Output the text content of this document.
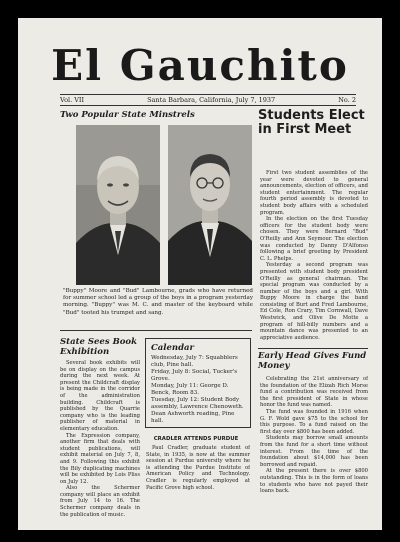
El Gauchito
Vol. VII	Santa Barbara, California, July 7, 1937	No. 2
Two Popular State Minstrels
"Buppy" Moore and "Bud" Lambourne, grads who have returned for summer school led a group of the boys in a program yesterday morning. "Buppy" was M. C. and master of the keyboard while "Bud" tooted his trumpet and sang.
Students Elect in First Meet

First two student assemblies of the year were devoted to general announcements, election of officers, and student entertainment. The regular fourth period assembly is devoted to student body affairs with a scheduled program.

In the election on the first Tuesday officers for the student body were chosen. They were Bernard "Bud" O'Reilly and Ann Seymour. The election was conducted by Danny D'Alfonso following a brief greeting by President C. L. Phelps.

Yesterday a second program was presented with student body president O'Reilly as general chairman. The special program was conducted by a number of the boys and a girl. With Buppy Moore in charge the band consisting of Burt and Fred Lambourne, Ed Cole, Ron Crary, Tim Cornwall, Dave Westwick, and Olive De Motte a program of hill-billy numbers and a mountain dance was presented to an appreciative audience.

State Sees Book Exhibition

Several book exhibits will be on display on the campus during the next week. At present the Childcraft display is being made in the corridor of the administration building. Childcraft is published by the Quarrie company who is the leading publisher of material in elementary education.

The Expression company, another firm that deals with student publications, will exhibit material on July 7, 8, and 9. Following this exhibit the Bily duplicating machines will be exhibited by Lois Pliss on July 12.

Also the Schermer company will place an exhibit from July 14 to 16. The Schermer company deals in the publication of music.

Calendar
Wednesday, July 7: Squabblers club, Pine hall.
Friday, July 8: Social, Tucker's Grove.
Monday, July 11: George D. Benck, Room 83.
Tuesday, July 12: Student Body assembly, Lawrence Chenoweth. Dean Ashworth reading, Pine hall.
CRADLER ATTENDS PURDUE

Paul Cradler, graduate student of State, in 1935, is now at the summer session at Purdue university where he is attending the Purdue Institute of American Policy and Technology. Cradler is regularly employed at Pacific Grove high school.

Early Head Gives Fund Money

Celebrating the 21st anniversary of the foundation of the Elizah Rich Morse fund a contribution was received from the first president of State in whose honor the fund was named.

The fund was founded in 1916 when G. F. Wold gave $75 to the school for this purpose. To a fund raised on the first day over $800 has been added.

Students may borrow small amounts from the fund for a short time without interest. From the time of the foundation about $14,000 has been borrowed and repaid.

At the present there is over $800 outstanding. This is in the form of loans to students who have not payed their loans back.
